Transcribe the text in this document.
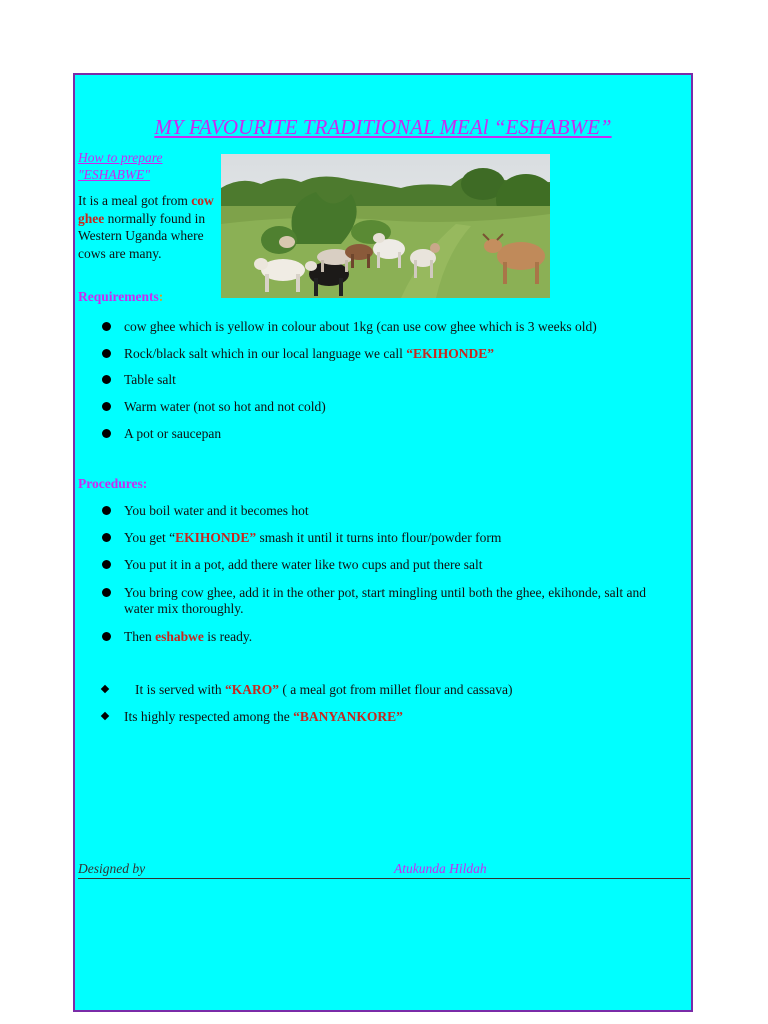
MY FAVOURITE TRADITIONAL MEAl “ESHABWE”
How to prepare "ESHABWE"
It is a meal got from cow ghee normally found in Western Uganda where cows are many.
Requirements:
cow ghee which is yellow in colour about 1kg (can use cow ghee which is 3 weeks old)
Rock/black salt which in our local language we call “EKIHONDE”
Table salt
Warm water (not so hot and not cold)
A pot or saucepan
Procedures:
You boil water and it becomes hot
You get “EKIHONDE” smash it until it turns into flour/powder form
You put it in a pot, add there water like two cups and put there salt
You bring cow ghee, add it in the other pot, start mingling until both the ghee, ekihonde, salt and water mix thoroughly.
Then eshabwe is ready.
It is served with “KARO” ( a meal got from millet flour and cassava)
Its highly respected among the “BANYANKORE”
Designed by	Atukunda Hildah
